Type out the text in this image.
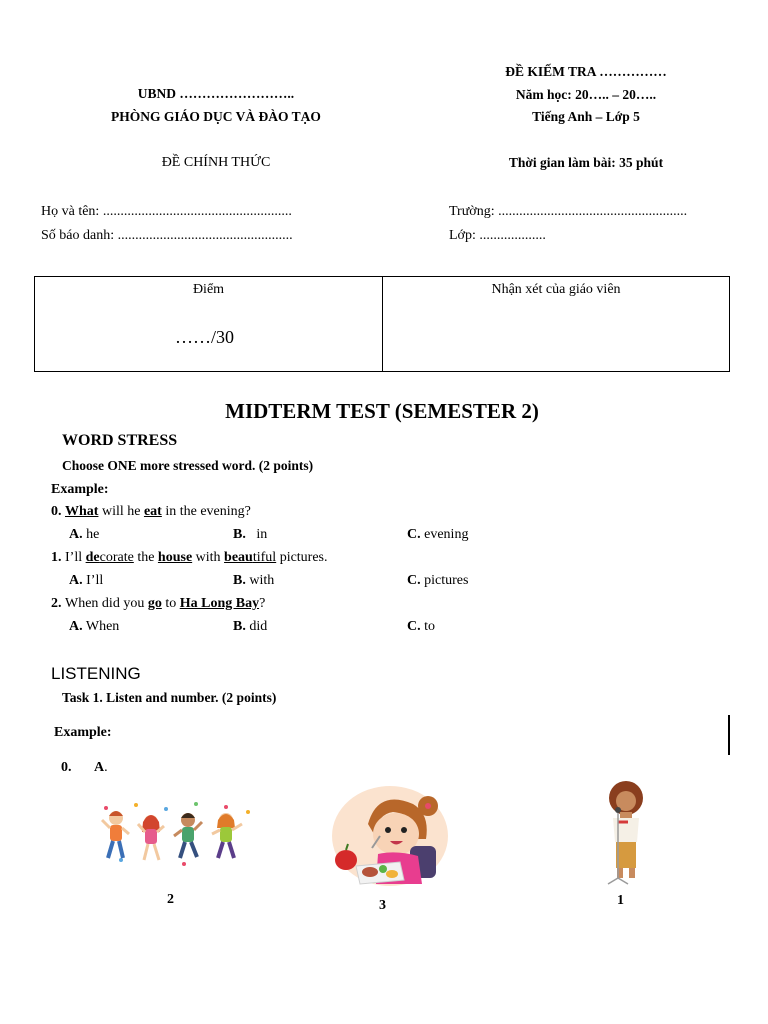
UBND ……………………..
PHÒNG GIÁO DỤC VÀ ĐÀO TẠO
ĐỀ CHÍNH THỨC
ĐỀ KIẾM TRA ……………
Năm học: 20….. – 20…..
Tiếng Anh – Lớp 5
Thời gian làm bài: 35 phút
Họ và tên: ......................................................
Số báo danh: ..................................................
Trường: ......................................................
Lớp: ...................
Điểm
……/30
Nhận xét của giáo viên
MIDTERM TEST (SEMESTER 2)
WORD STRESS
Choose ONE more stressed word. (2 points)
Example:
0. What will he eat in the evening?
A. he	B.   in	C. evening
1. I’ll decorate the house with beautiful pictures.
A. I’ll	B. with	C. pictures
2. When did you go to Ha Long Bay?
A. When	B. did	C. to
LISTENING
Task 1. Listen and number. (2 points)
Example:
0. A.
2	3	1
